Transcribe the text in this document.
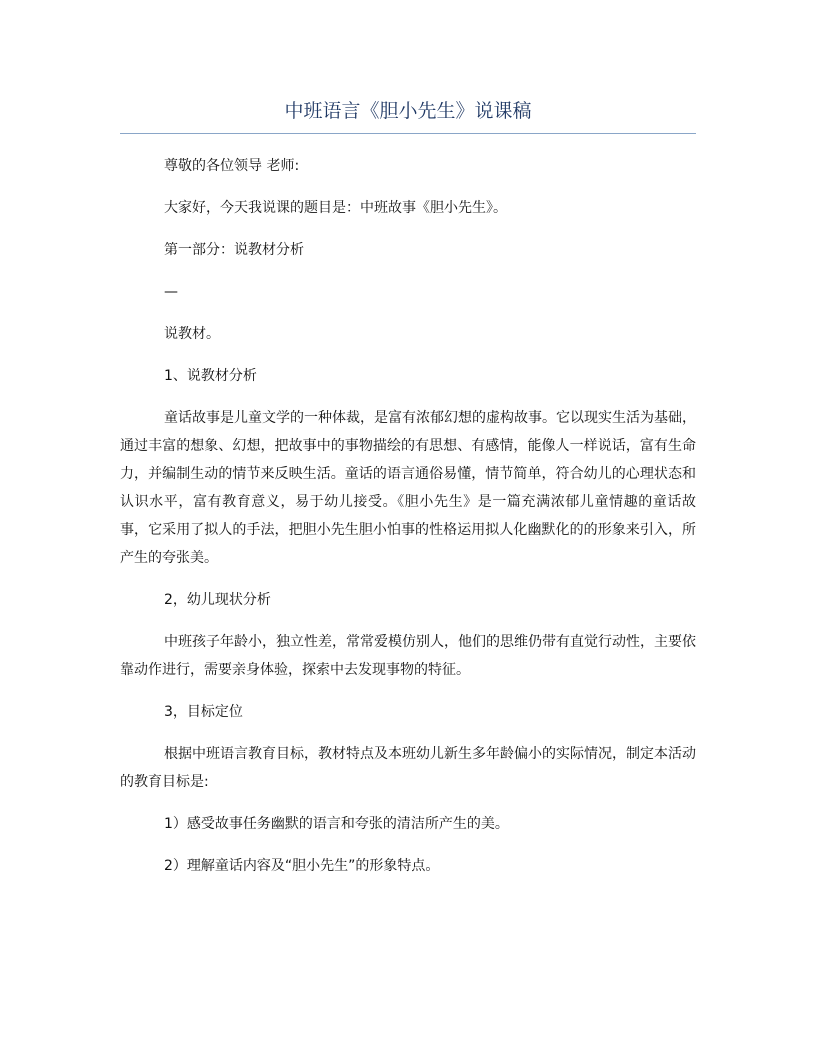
中班语言《胆小先生》说课稿

尊敬的各位领导 老师:

大家好，今天我说课的题目是：中班故事《胆小先生》。

第一部分：说教材分析

—

说教材。

1、说教材分析

童话故事是儿童文学的一种体裁，是富有浓郁幻想的虚构故事。它以现实生活为基础，通过丰富的想象、幻想，把故事中的事物描绘的有思想、有感情，能像人一样说话，富有生命力，并编制生动的情节来反映生活。童话的语言通俗易懂，情节简单，符合幼儿的心理状态和认识水平，富有教育意义，易于幼儿接受。《胆小先生》是一篇充满浓郁儿童情趣的童话故事，它采用了拟人的手法，把胆小先生胆小怕事的性格运用拟人化幽默化的的形象来引入，所产生的夸张美。

2，幼儿现状分析

中班孩子年龄小，独立性差，常常爱模仿别人，他们的思维仍带有直觉行动性，主要依靠动作进行，需要亲身体验，探索中去发现事物的特征。

3，目标定位

根据中班语言教育目标，教材特点及本班幼儿新生多年龄偏小的实际情况，制定本活动的教育目标是:

1）感受故事任务幽默的语言和夸张的清洁所产生的美。

2）理解童话内容及“胆小先生”的形象特点。
